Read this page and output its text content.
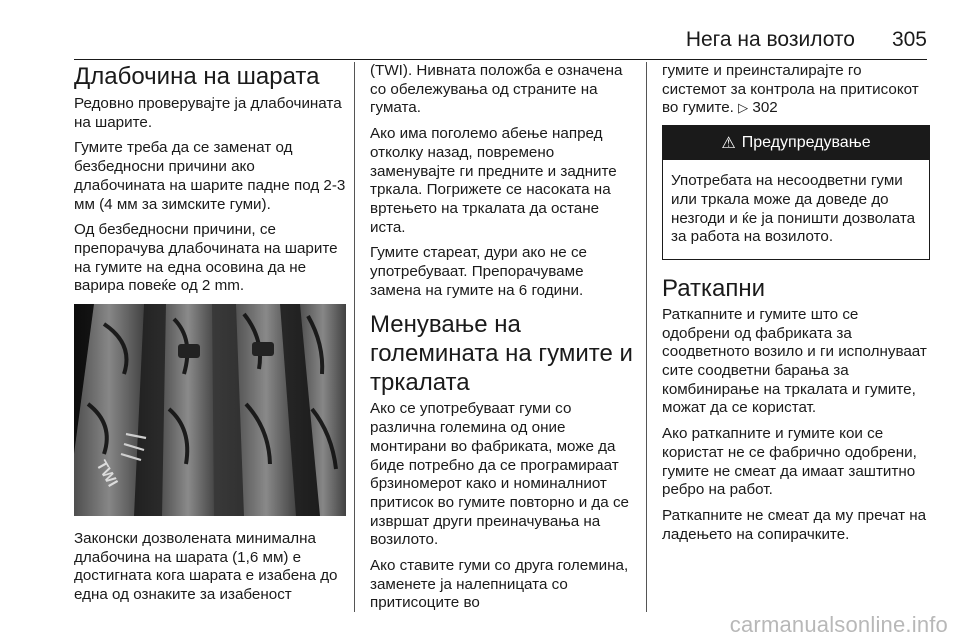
Нега на возилото 305
Длабочина на шарата

Редовно проверувајте ја длабочината на шарите.

Гумите треба да се заменат од безбедносни причини ако длабочината на шарите падне под 2-3 мм (4 мм за зимските гуми).

Од безбедносни причини, се препорачува длабочината на шарите на гумите на една осовина да не варира повеќе од 2 mm.

TWI

Законски дозволената минимална длабочина на шарата (1,6 мм) е достигната кога шарата е изабена до една од ознаките за изабеност

(TWI). Нивната положба е означена со обележувања од страните на гумата.

Ако има поголемо абење напред отколку назад, повремено заменувајте ги предните и задните тркала. Погрижете се насоката на вртењето на тркалата да остане иста.

Гумите стареат, дури ако не се употребуваат. Препорачуваме замена на гумите на 6 години.

Менување на големината на гумите и тркалата

Ако се употребуваат гуми со различна големина од оние монтирани во фабриката, може да биде потребно да се програмираат брзиномерот како и номиналниот притисок во гумите повторно и да се извршат други преиначувања на возилото.

Ако ставите гуми со друга големина, заменете ја налепницата со притисоците во

гумите и преинсталирајте го системот за контрола на притисокот во гумите. ▷ 302

⚠ Предупредување

Употребата на несоодветни гуми или тркала може да доведе до незгоди и ќе ја поништи дозволата за работа на возилото.

Раткапни

Раткапните и гумите што се одобрени од фабриката за соодветното возило и ги исполнуваат сите соодветни барања за комбинирање на тркалата и гумите, можат да се користат.

Ако раткапните и гумите кои се користат не се фабрично одобрени, гумите не смеат да имаат заштитно ребро на работ.

Раткапните не смеат да му пречат на ладењето на сопирачките.

carmanualsonline.info
